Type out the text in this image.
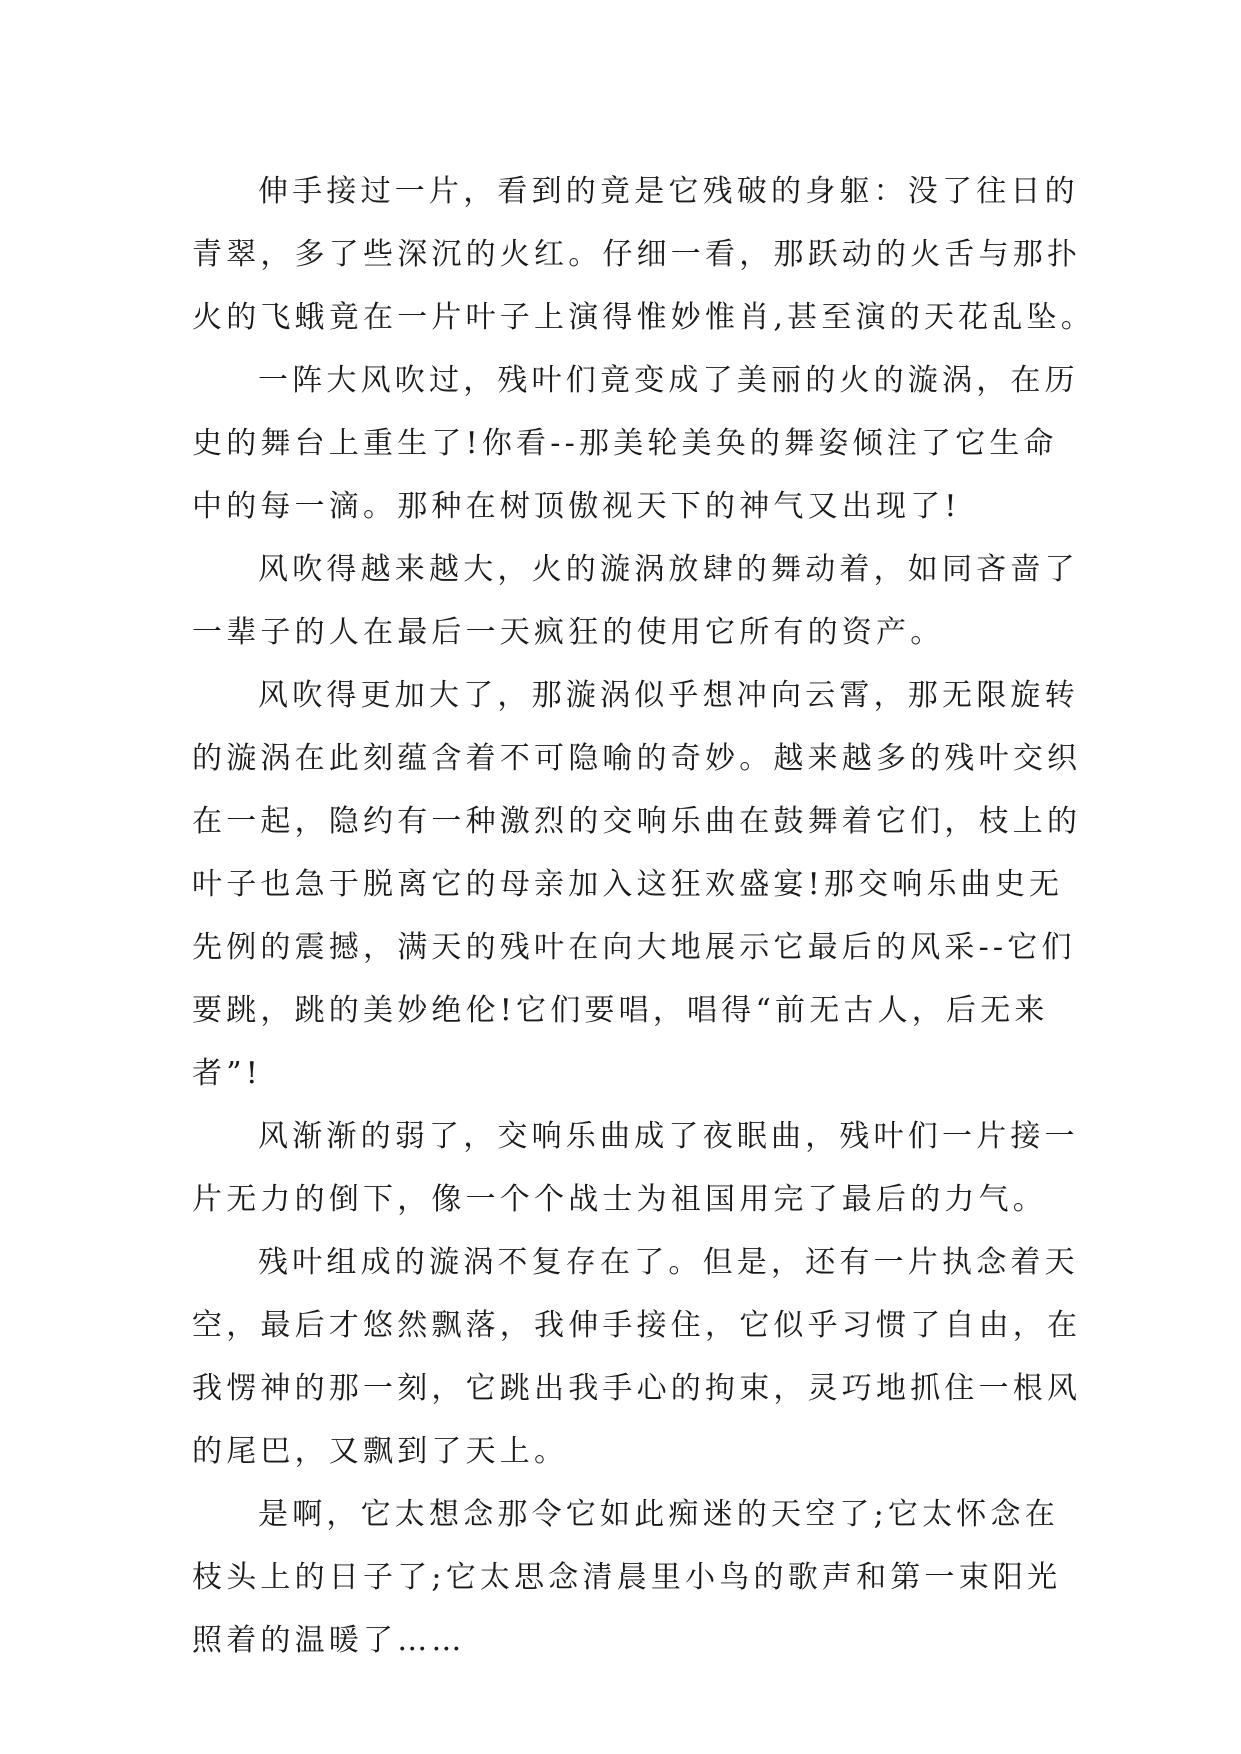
伸手接过一片，看到的竟是它残破的身躯：没了往日的
青翠，多了些深沉的火红。仔细一看，那跃动的火舌与那扑
火的飞蛾竟在一片叶子上演得惟妙惟肖,甚至演的天花乱坠。
一阵大风吹过，残叶们竟变成了美丽的火的漩涡，在历
史的舞台上重生了!你看--那美轮美奂的舞姿倾注了它生命
中的每一滴。那种在树顶傲视天下的神气又出现了!
风吹得越来越大，火的漩涡放肆的舞动着，如同吝啬了
一辈子的人在最后一天疯狂的使用它所有的资产。
风吹得更加大了，那漩涡似乎想冲向云霄，那无限旋转
的漩涡在此刻蕴含着不可隐喻的奇妙。越来越多的残叶交织
在一起，隐约有一种激烈的交响乐曲在鼓舞着它们，枝上的
叶子也急于脱离它的母亲加入这狂欢盛宴!那交响乐曲史无
先例的震撼，满天的残叶在向大地展示它最后的风采--它们
要跳，跳的美妙绝伦!它们要唱，唱得“前无古人，后无来
者”!
风渐渐的弱了，交响乐曲成了夜眠曲，残叶们一片接一
片无力的倒下，像一个个战士为祖国用完了最后的力气。
残叶组成的漩涡不复存在了。但是，还有一片执念着天
空，最后才悠然飘落，我伸手接住，它似乎习惯了自由，在
我愣神的那一刻，它跳出我手心的拘束，灵巧地抓住一根风
的尾巴，又飘到了天上。
是啊，它太想念那令它如此痴迷的天空了;它太怀念在
枝头上的日子了;它太思念清晨里小鸟的歌声和第一束阳光
照着的温暖了……
